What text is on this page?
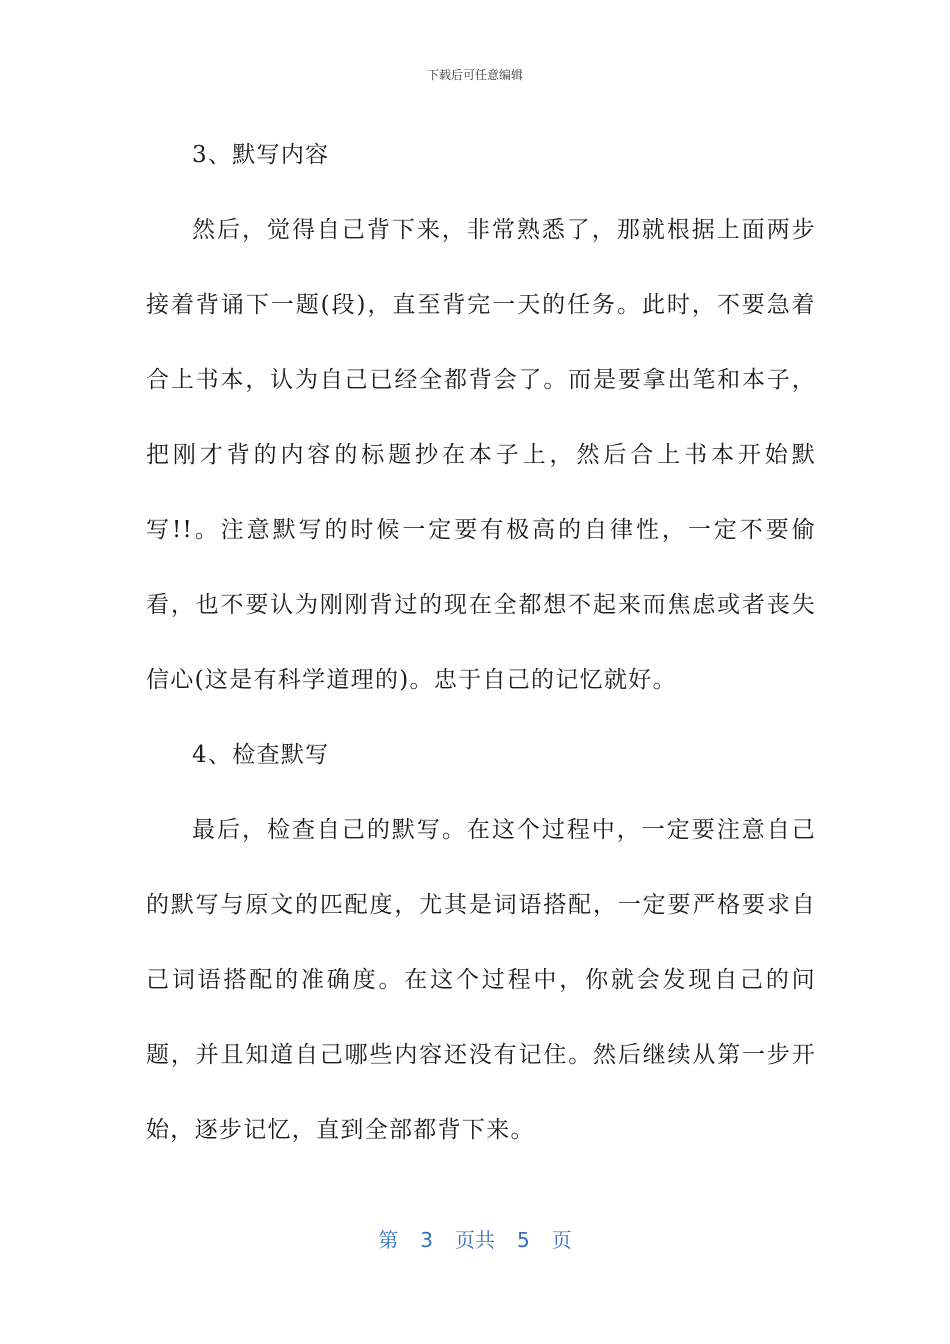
下载后可任意编辑

3、默写内容

然后，觉得自己背下来，非常熟悉了，那就根据上面两步接着背诵下一题(段)，直至背完一天的任务。此时，不要急着合上书本，认为自己已经全都背会了。而是要拿出笔和本子，把刚才背的内容的标题抄在本子上，然后合上书本开始默写!!。注意默写的时候一定要有极高的自律性，一定不要偷看，也不要认为刚刚背过的现在全都想不起来而焦虑或者丧失信心(这是有科学道理的)。忠于自己的记忆就好。

4、检查默写

最后，检查自己的默写。在这个过程中，一定要注意自己的默写与原文的匹配度，尤其是词语搭配，一定要严格要求自己词语搭配的准确度。在这个过程中，你就会发现自己的问题，并且知道自己哪些内容还没有记住。然后继续从第一步开始，逐步记忆，直到全部都背下来。

第 3 页共 5 页
